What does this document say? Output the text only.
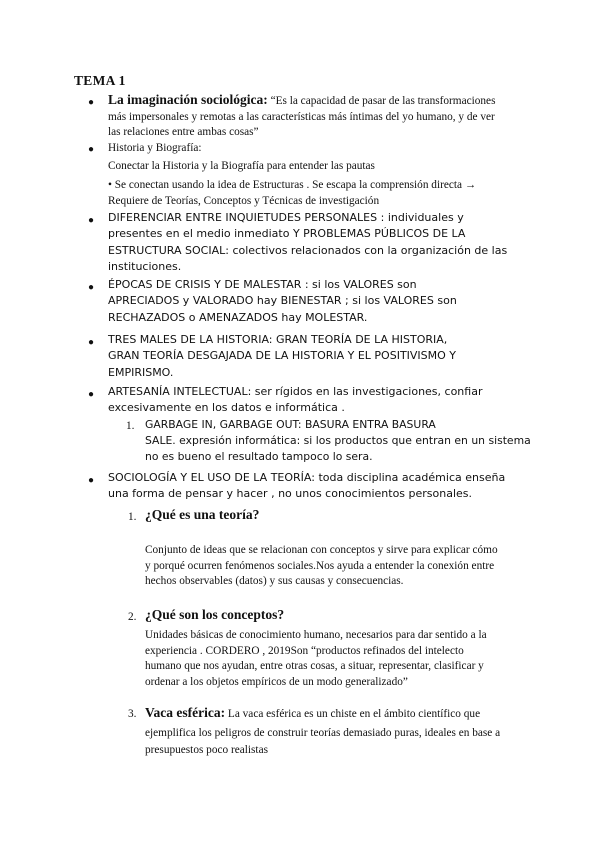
TEMA 1
● La imaginación sociológica: “Es la capacidad de pasar de las transformaciones
más impersonales y remotas a las características más íntimas del yo humano, y de ver
las relaciones entre ambas cosas”
● Historia y Biografía:
Conectar la Historia y la Biografía para entender las pautas
• Se conectan usando la idea de Estructuras . Se escapa la comprensión directa →
Requiere de Teorías, Conceptos y Técnicas de investigación
● DIFERENCIAR ENTRE INQUIETUDES PERSONALES : individuales y
presentes en el medio inmediato Y PROBLEMAS PÚBLICOS DE LA
ESTRUCTURA SOCIAL: colectivos relacionados con la organización de las
instituciones.
● ÉPOCAS DE CRISIS Y DE MALESTAR : si los VALORES son
APRECIADOS y VALORADO hay BIENESTAR ; si los VALORES son
RECHAZADOS o AMENAZADOS hay MOLESTAR.
● TRES MALES DE LA HISTORIA: GRAN TEORÍA DE LA HISTORIA,
GRAN TEORÍA DESGAJADA DE LA HISTORIA Y EL POSITIVISMO Y
EMPIRISMO.
● ARTESANÍA INTELECTUAL: ser rígidos en las investigaciones, confiar
excesivamente en los datos e informática .
1. GARBAGE IN, GARBAGE OUT: BASURA ENTRA BASURA
SALE. expresión informática: si los productos que entran en un sistema
no es bueno el resultado tampoco lo sera.
● SOCIOLOGÍA Y EL USO DE LA TEORÍA: toda disciplina académica enseña
una forma de pensar y hacer , no unos conocimientos personales.
1. ¿Qué es una teoría?
Conjunto de ideas que se relacionan con conceptos y sirve para explicar cómo
y porqué ocurren fenómenos sociales.Nos ayuda a entender la conexión entre
hechos observables (datos) y sus causas y consecuencias.
2. ¿Qué son los conceptos?
Unidades básicas de conocimiento humano, necesarios para dar sentido a la
experiencia . CORDERO , 2019Son “productos refinados del intelecto
humano que nos ayudan, entre otras cosas, a situar, representar, clasificar y
ordenar a los objetos empíricos de un modo generalizado”
3. Vaca esférica: La vaca esférica es un chiste en el ámbito científico que
ejemplifica los peligros de construir teorías demasiado puras, ideales en base a
presupuestos poco realistas
